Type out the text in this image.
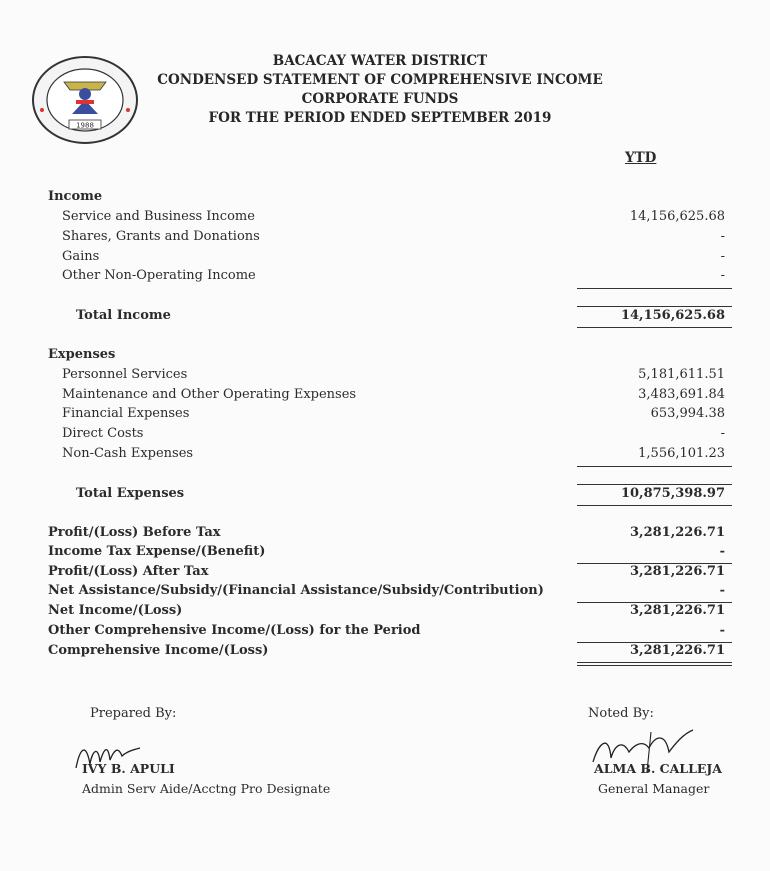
1988
BACACAY WATER DISTRICT
CONDENSED STATEMENT OF COMPREHENSIVE INCOME
CORPORATE FUNDS
FOR THE PERIOD ENDED SEPTEMBER 2019
YTD
Income
Service and Business Income	14,156,625.68
Shares, Grants and Donations	-
Gains	-
Other Non-Operating Income	-
Total Income	14,156,625.68
Expenses
Personnel Services	5,181,611.51
Maintenance and Other Operating Expenses	3,483,691.84
Financial Expenses	653,994.38
Direct Costs	-
Non-Cash Expenses	1,556,101.23
Total Expenses	10,875,398.97
Profit/(Loss) Before Tax	3,281,226.71
Income Tax Expense/(Benefit)	-
Profit/(Loss) After Tax	3,281,226.71
Net Assistance/Subsidy/(Financial Assistance/Subsidy/Contribution)	-
Net Income/(Loss)	3,281,226.71
Other Comprehensive Income/(Loss) for the Period	-
Comprehensive Income/(Loss)	3,281,226.71
Prepared By:
IVY B. APULI
Admin Serv Aide/Acctng Pro Designate
Noted By:
ALMA B. CALLEJA
General Manager
